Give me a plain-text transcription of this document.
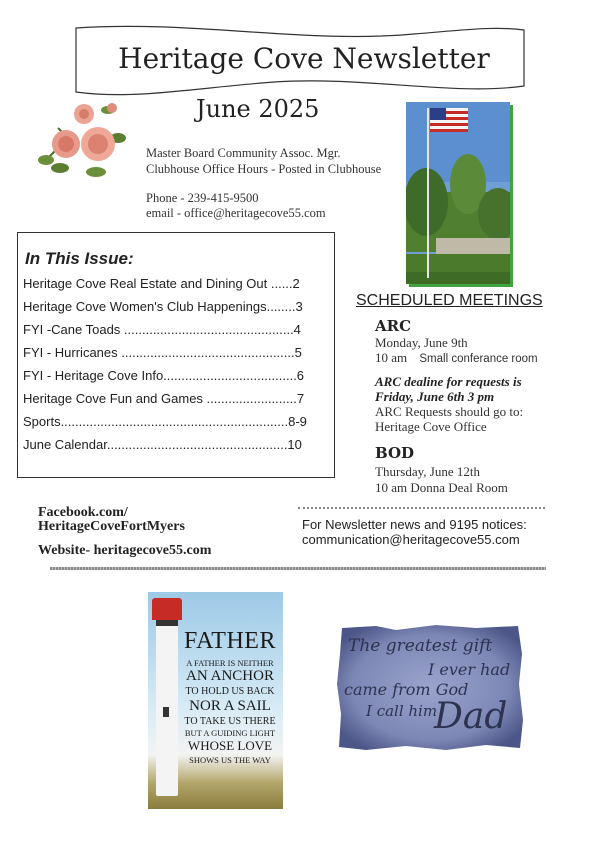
Heritage Cove Newsletter
June 2025
Master Board Community Assoc. Mgr.
Clubhouse Office Hours - Posted in Clubhouse
Phone - 239-415-9500
email - office@heritagecove55.com
In This Issue:
Heritage Cove Real Estate and Dining Out ......2
Heritage Cove Women's Club Happenings........3
FYI -Cane Toads ...............................................4
FYI - Hurricanes ................................................5
FYI - Heritage Cove Info.....................................6
Heritage Cove Fun and Games .........................7
Sports...............................................................8-9
June Calendar..................................................10
SCHEDULED MEETINGS
ARC
Monday, June 9th
10 am Small conferance room
ARC dealine for requests is
Friday, June 6th 3 pm
ARC Requests should go to:
Heritage Cove Office
BOD
Thursday, June 12th
10 am Donna Deal Room
Facebook.com/
HeritageCoveFortMyers
Website- heritagecove55.com
For Newsletter news and 9195 notices:
communication@heritagecove55.com
FATHER
A FATHER IS NEITHER
AN ANCHOR
TO HOLD US BACK
NOR A SAIL
TO TAKE US THERE
BUT A GUIDING LIGHT
WHOSE LOVE
SHOWS US THE WAY
The greatest gift
I ever had
came from God
I call him
Dad
